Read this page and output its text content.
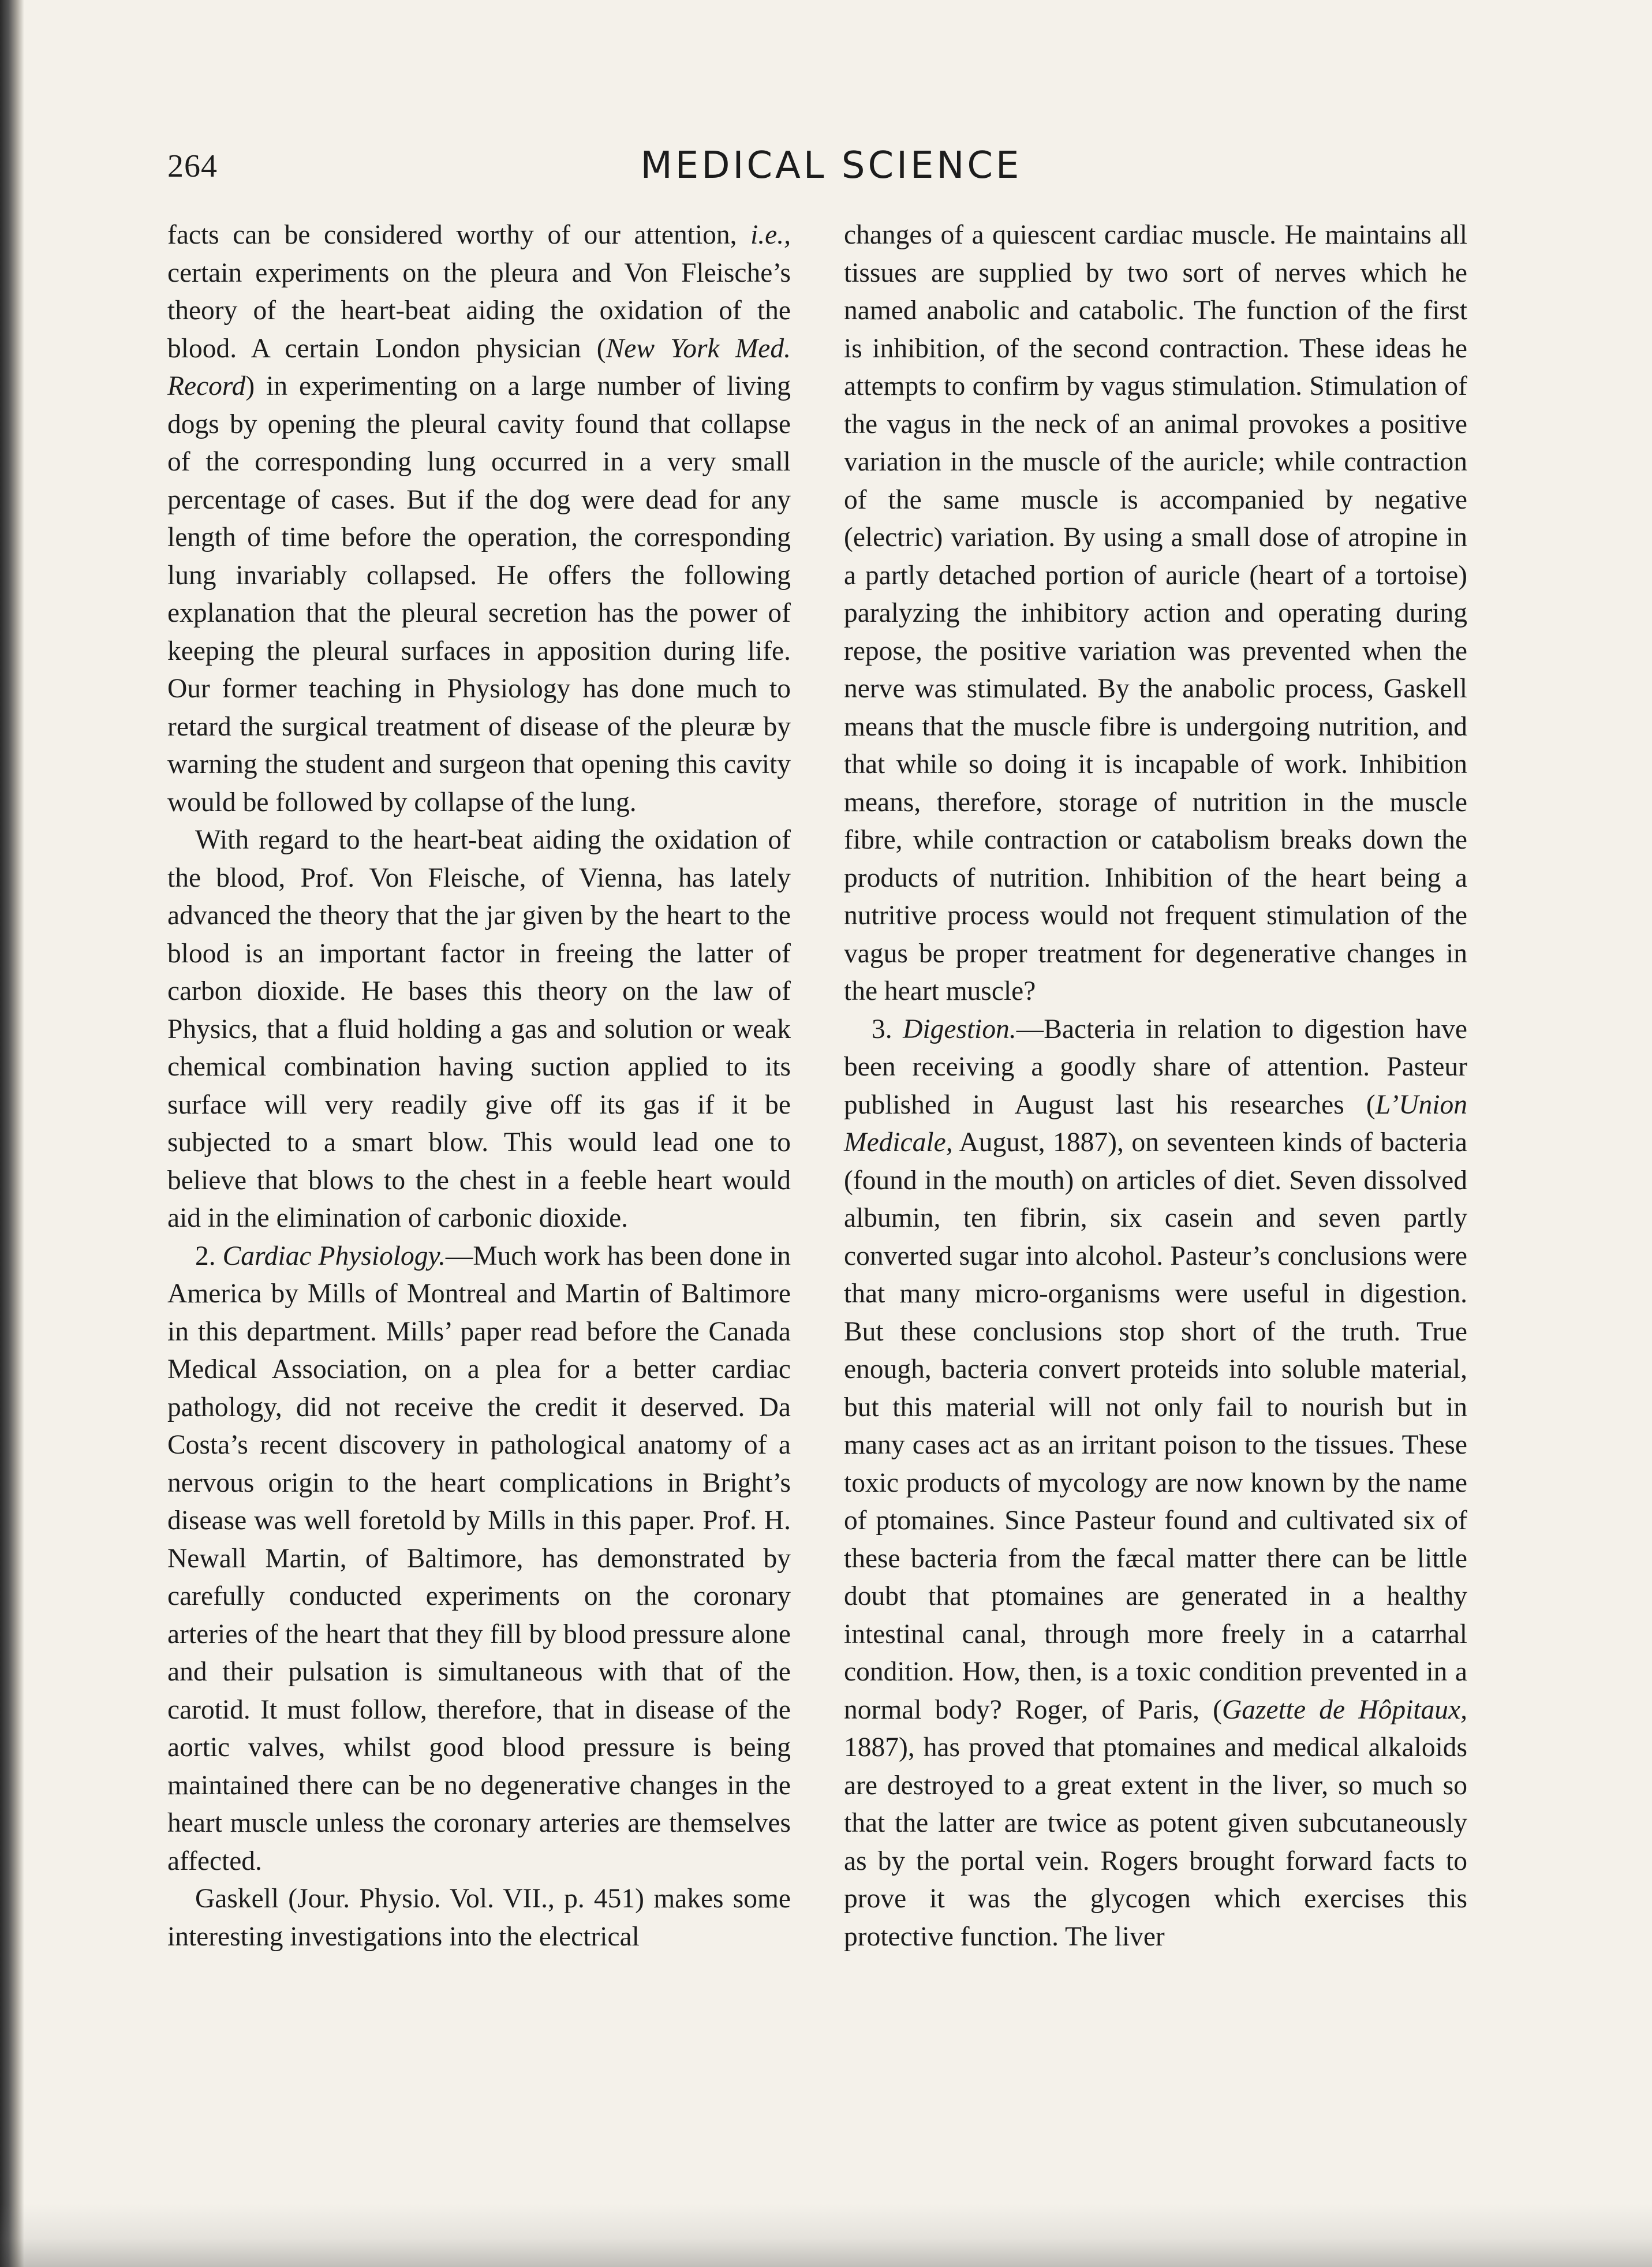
264	MEDICAL SCIENCE

facts can be considered worthy of our attention, i.e., certain experiments on the pleura and Von Fleische’s theory of the heart-beat aiding the oxidation of the blood. A certain London physician (New York Med. Record) in experimenting on a large number of living dogs by opening the pleural cavity found that collapse of the corresponding lung occurred in a very small percentage of cases. But if the dog were dead for any length of time before the operation, the corresponding lung invariably collapsed. He offers the following explanation that the pleural secretion has the power of keeping the pleural surfaces in apposition during life. Our former teaching in Physiology has done much to retard the surgical treatment of disease of the pleuræ by warning the student and surgeon that opening this cavity would be followed by collapse of the lung.

With regard to the heart-beat aiding the oxidation of the blood, Prof. Von Fleische, of Vienna, has lately advanced the theory that the jar given by the heart to the blood is an important factor in freeing the latter of carbon dioxide. He bases this theory on the law of Physics, that a fluid holding a gas and solution or weak chemical combination having suction applied to its surface will very readily give off its gas if it be subjected to a smart blow. This would lead one to believe that blows to the chest in a feeble heart would aid in the elimination of carbonic dioxide.

2. Cardiac Physiology.—Much work has been done in America by Mills of Montreal and Martin of Baltimore in this department. Mills’ paper read before the Canada Medical Association, on a plea for a better cardiac pathology, did not receive the credit it deserved. Da Costa’s recent discovery in pathological anatomy of a nervous origin to the heart complications in Bright’s disease was well foretold by Mills in this paper. Prof. H. Newall Martin, of Baltimore, has demonstrated by carefully conducted experiments on the coronary arteries of the heart that they fill by blood pressure alone and their pulsation is simultaneous with that of the carotid. It must follow, therefore, that in disease of the aortic valves, whilst good blood pressure is being maintained there can be no degenerative changes in the heart muscle unless the coronary arteries are themselves affected.

Gaskell (Jour. Physio. Vol. VII., p. 451) makes some interesting investigations into the electrical

changes of a quiescent cardiac muscle. He maintains all tissues are supplied by two sort of nerves which he named anabolic and catabolic. The function of the first is inhibition, of the second contraction. These ideas he attempts to confirm by vagus stimulation. Stimulation of the vagus in the neck of an animal provokes a positive variation in the muscle of the auricle; while contraction of the same muscle is accompanied by negative (electric) variation. By using a small dose of atropine in a partly detached portion of auricle (heart of a tortoise) paralyzing the inhibitory action and operating during repose, the positive variation was prevented when the nerve was stimulated. By the anabolic process, Gaskell means that the muscle fibre is undergoing nutrition, and that while so doing it is incapable of work. Inhibition means, therefore, storage of nutrition in the muscle fibre, while contraction or catabolism breaks down the products of nutrition. Inhibition of the heart being a nutritive process would not frequent stimulation of the vagus be proper treatment for degenerative changes in the heart muscle?

3. Digestion.—Bacteria in relation to digestion have been receiving a goodly share of attention. Pasteur published in August last his researches (L’Union Medicale, August, 1887), on seventeen kinds of bacteria (found in the mouth) on articles of diet. Seven dissolved albumin, ten fibrin, six casein and seven partly converted sugar into alcohol. Pasteur’s conclusions were that many micro-organisms were useful in digestion. But these conclusions stop short of the truth. True enough, bacteria convert proteids into soluble material, but this material will not only fail to nourish but in many cases act as an irritant poison to the tissues. These toxic products of mycology are now known by the name of ptomaines. Since Pasteur found and cultivated six of these bacteria from the fæcal matter there can be little doubt that ptomaines are generated in a healthy intestinal canal, through more freely in a catarrhal condition. How, then, is a toxic condition prevented in a normal body? Roger, of Paris, (Gazette de Hôpitaux, 1887), has proved that ptomaines and medical alkaloids are destroyed to a great extent in the liver, so much so that the latter are twice as potent given subcutaneously as by the portal vein. Rogers brought forward facts to prove it was the glycogen which exercises this protective function. The liver
